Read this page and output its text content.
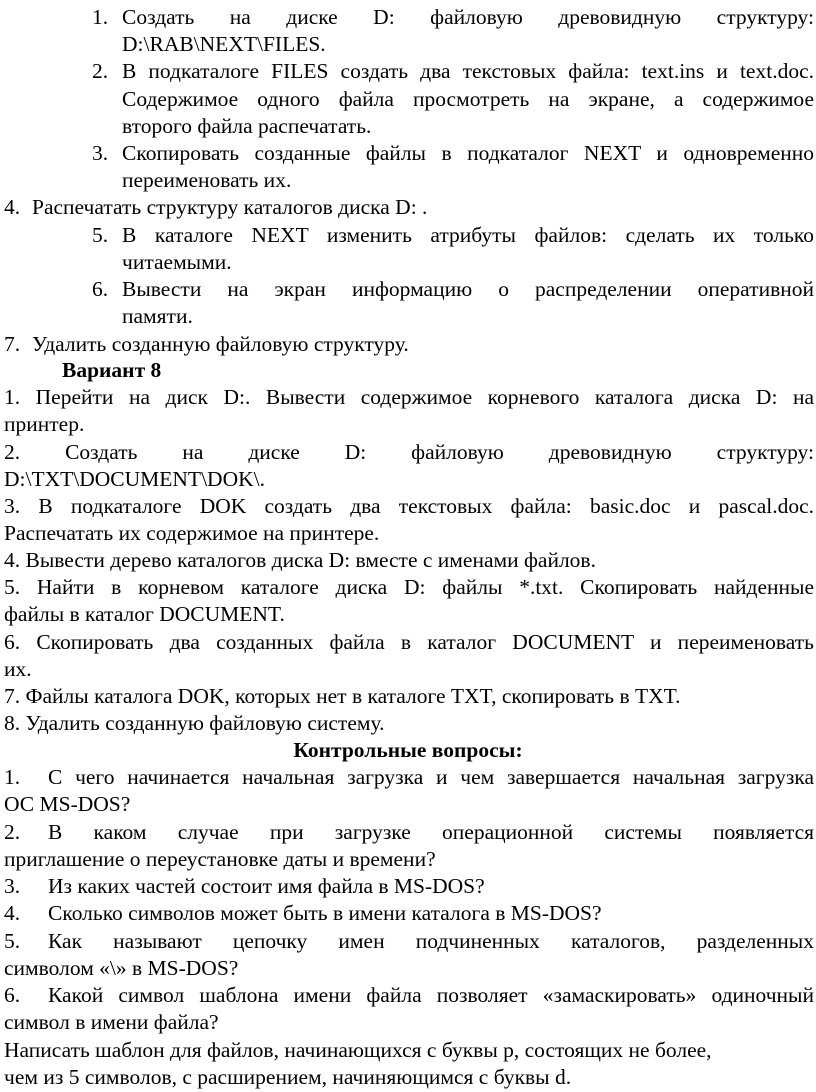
1. Создать на диске D: файловую древовидную структуру:
D:\RAB\NEXT\FILES.
2. В подкаталоге FILES создать два текстовых файла: text.ins и text.doc.
Содержимое одного файла просмотреть на экране, а содержимое
второго файла распечатать.
3. Скопировать созданные файлы в подкаталог NEXT и одновременно
переименовать их.
4. Распечатать структуру каталогов диска D: .
5. В каталоге NEXT изменить атрибуты файлов: сделать их только
читаемыми.
6. Вывести на экран информацию о распределении оперативной
памяти.
7. Удалить созданную файловую структуру.
Вариант 8
1. Перейти на диск D:. Вывести содержимое корневого каталога диска D: на
принтер.
2. Создать на диске D: файловую древовидную структуру:
D:\TXT\DOCUMENT\DOK\.
3. В подкаталоге DOK создать два текстовых файла: basic.doc и pascal.doc.
Распечатать их содержимое на принтере.
4. Вывести дерево каталогов диска D: вместе с именами файлов.
5. Найти в корневом каталоге диска D: файлы *.txt. Скопировать найденные
файлы в каталог DOCUMENT.
6. Скопировать два созданных файла в каталог DOCUMENT и переименовать
их.
7. Файлы каталога DOK, которых нет в каталоге TXT, скопировать в TXT.
8. Удалить созданную файловую систему.
Контрольные вопросы:
1. С чего начинается начальная загрузка и чем завершается начальная загрузка
ОС MS-DOS?
2. В каком случае при загрузке операционной системы появляется
приглашение о переустановке даты и времени?
3. Из каких частей состоит имя файла в MS-DOS?
4. Сколько символов может быть в имени каталога в MS-DOS?
5. Как называют цепочку имен подчиненных каталогов, разделенных
символом «\» в MS-DOS?
6. Какой символ шаблона имени файла позволяет «замаскировать» одиночный
символ в имени файла?
Написать шаблон для файлов, начинающихся с буквы p, состоящих не более,
чем из 5 символов, с расширением, начиняющимся с буквы d.
